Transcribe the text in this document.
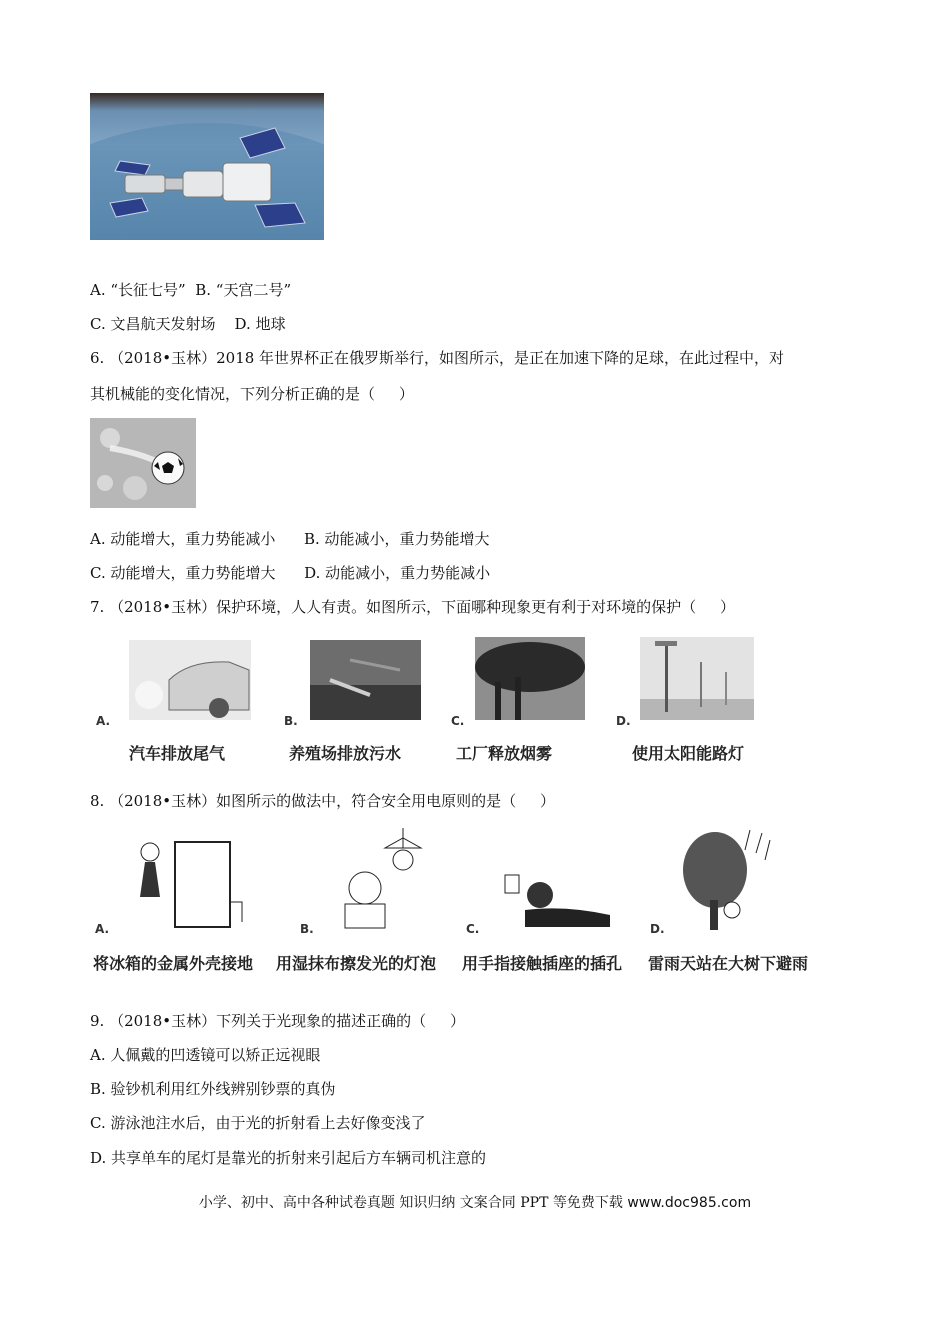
A. “长征七号”  B. “天宫二号”
C. 文昌航天发射场    D. 地球
6. （2018•玉林）2018 年世界杯正在俄罗斯举行，如图所示，是正在加速下降的足球，在此过程中，对
其机械能的变化情况，下列分析正确的是（     ）
A. 动能增大，重力势能减小      B. 动能减小，重力势能增大
C. 动能增大，重力势能增大      D. 动能减小，重力势能减小
7. （2018•玉林）保护环境，人人有责。如图所示，下面哪种现象更有利于对环境的保护（     ）
A.	B.	C.	D.
汽车排放尾气	养殖场排放污水	工厂释放烟雾	使用太阳能路灯
8. （2018•玉林）如图所示的做法中，符合安全用电原则的是（     ）
A.	B.	C.	D.
将冰箱的金属外壳接地 用湿抹布擦发光的灯泡 用手指接触插座的插孔 雷雨天站在大树下避雨
9. （2018•玉林）下列关于光现象的描述正确的（     ）
A. 人佩戴的凹透镜可以矫正远视眼
B. 验钞机利用红外线辨别钞票的真伪
C. 游泳池注水后，由于光的折射看上去好像变浅了
D. 共享单车的尾灯是靠光的折射来引起后方车辆司机注意的
小学、初中、高中各种试卷真题 知识归纳 文案合同 PPT 等免费下载 www.doc985.com
